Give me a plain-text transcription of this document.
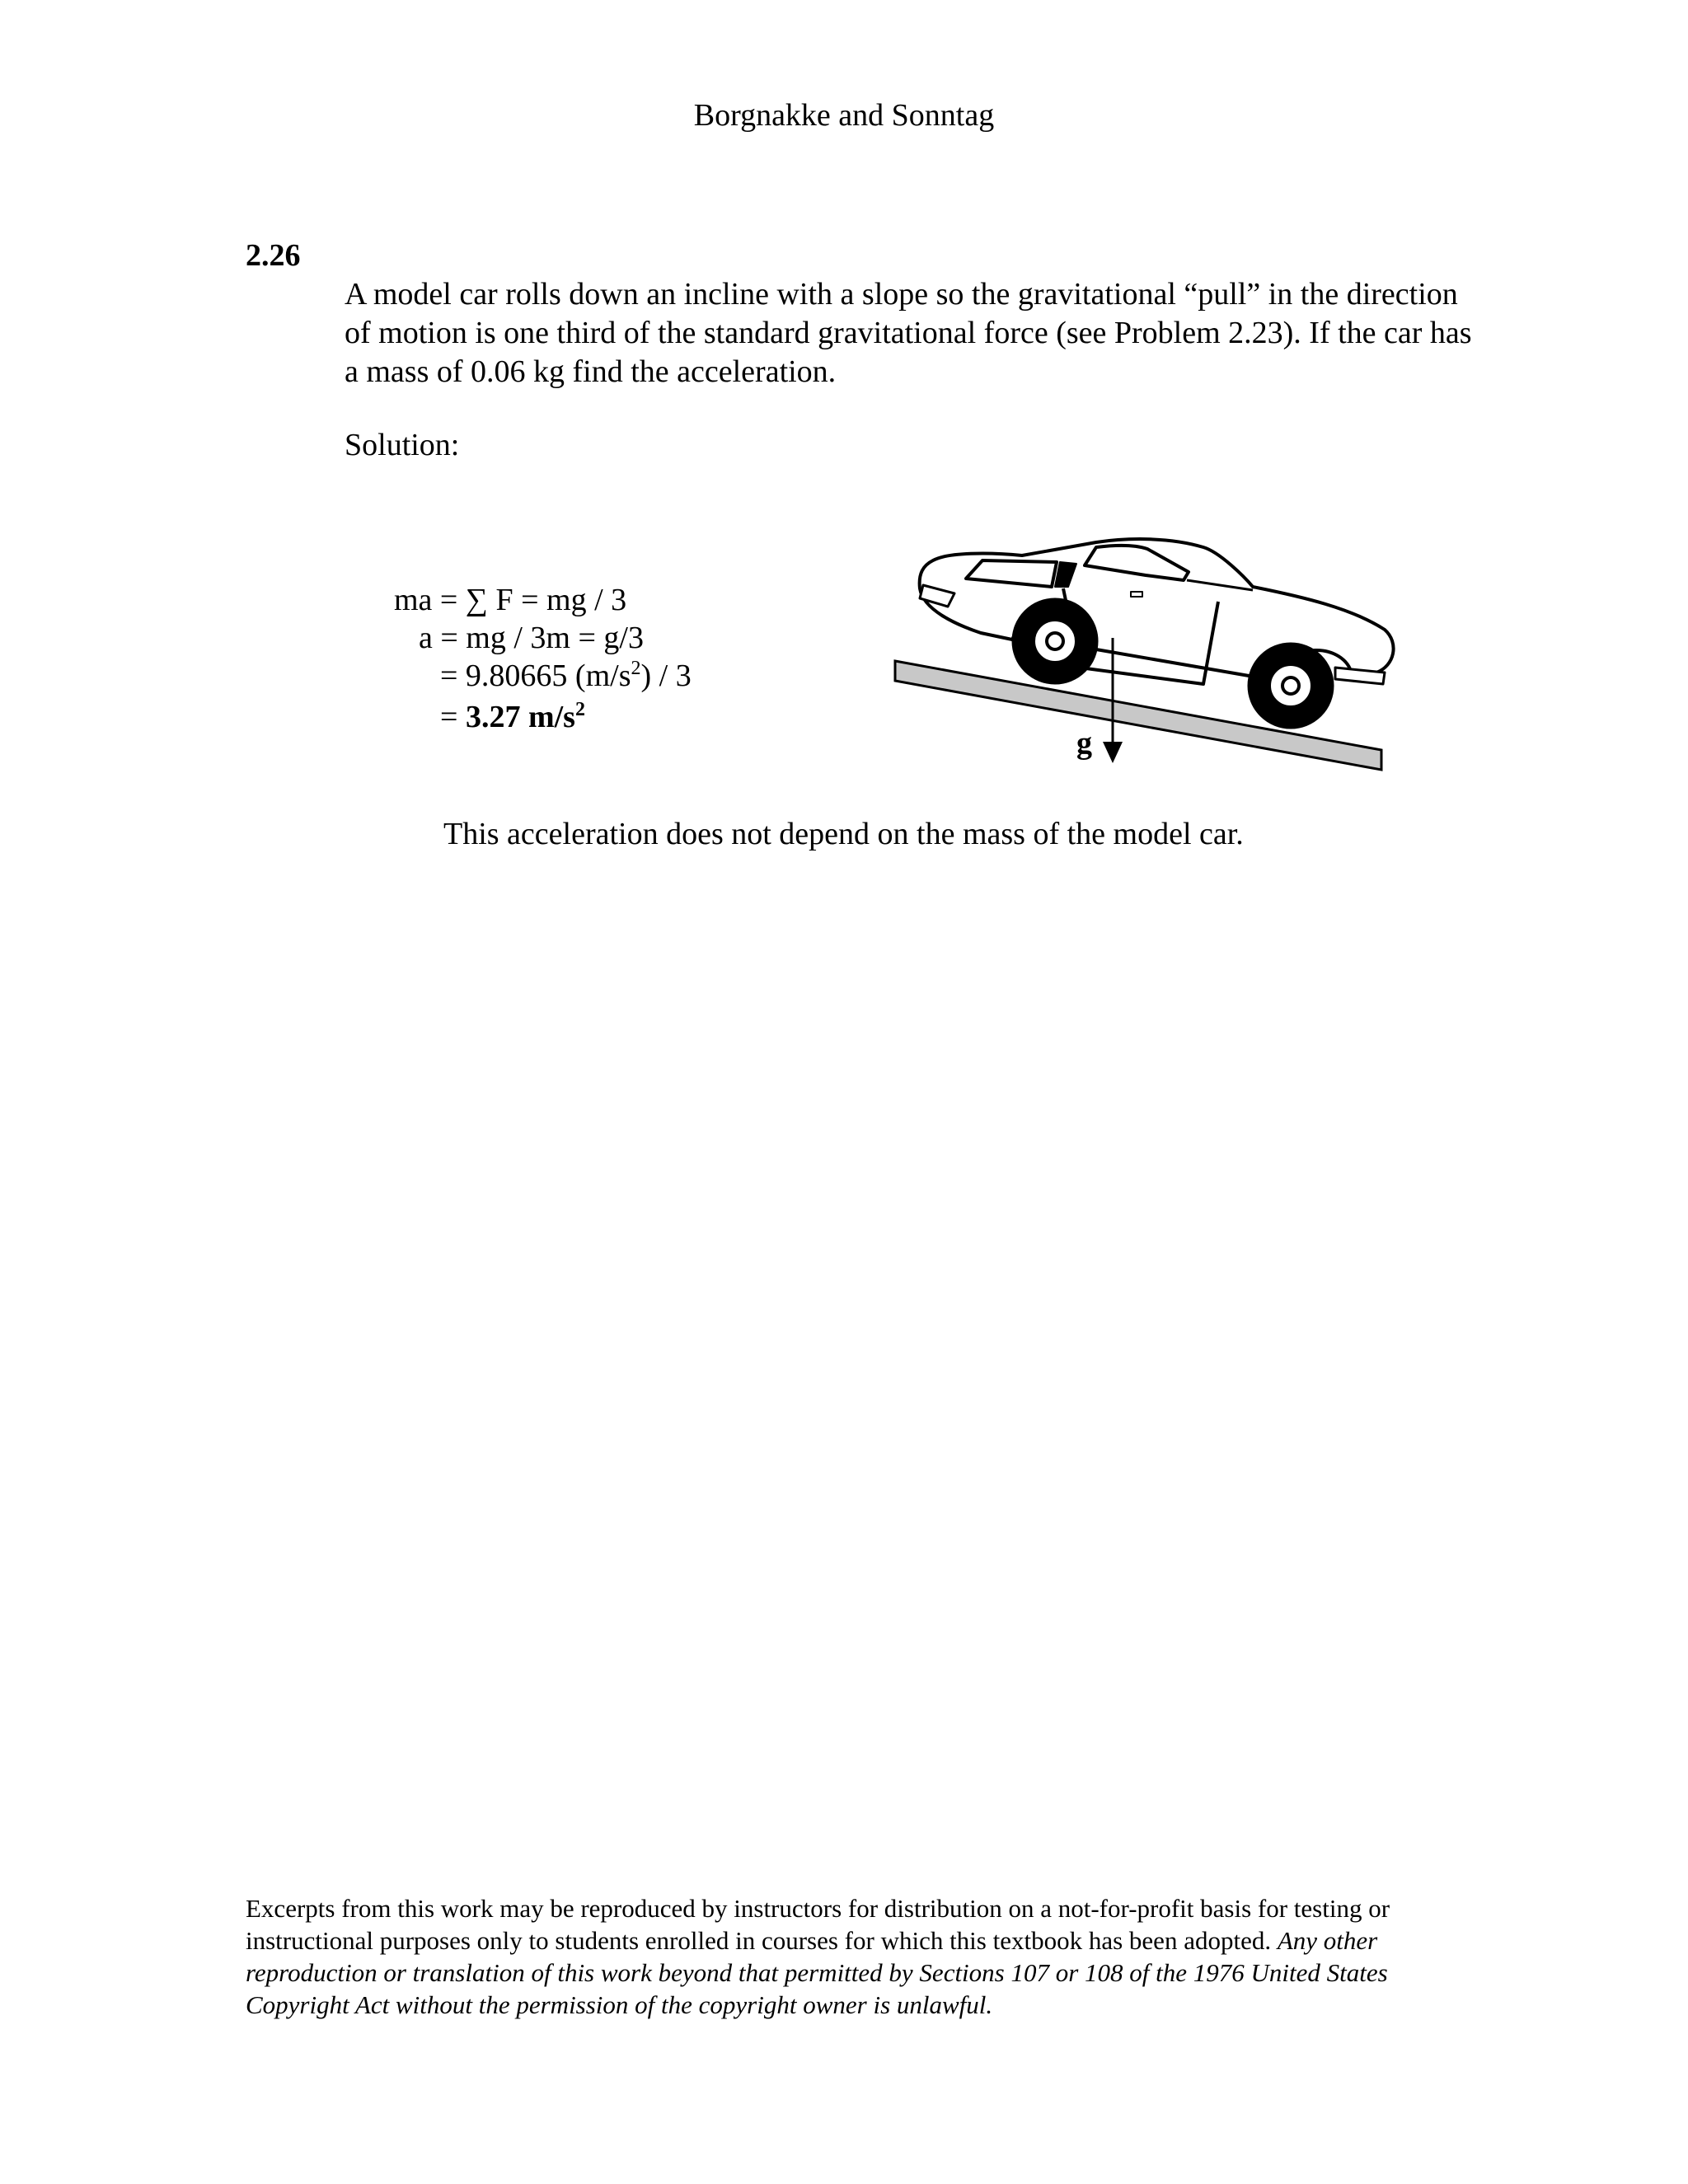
Borgnakke and Sonntag
2.26
A model car rolls down an incline with a slope so the gravitational “pull” in the direction of motion is one third of the standard gravitational force (see Problem 2.23). If the car has a mass of 0.06 kg find the acceleration.
Solution:
ma = ∑ F = mg / 3
a = mg / 3m = g/3
= 9.80665 $(m/s^2) / 3$
= 3.27 $m/s^2$
g
This acceleration does not depend on the mass of the model car.
Excerpts from this work may be reproduced by instructors for distribution on a not-for-profit basis for testing or instructional purposes only to students enrolled in courses for which this textbook has been adopted. Any other reproduction or translation of this work beyond that permitted by Sections 107 or 108 of the 1976 United States Copyright Act without the permission of the copyright owner is unlawful.
